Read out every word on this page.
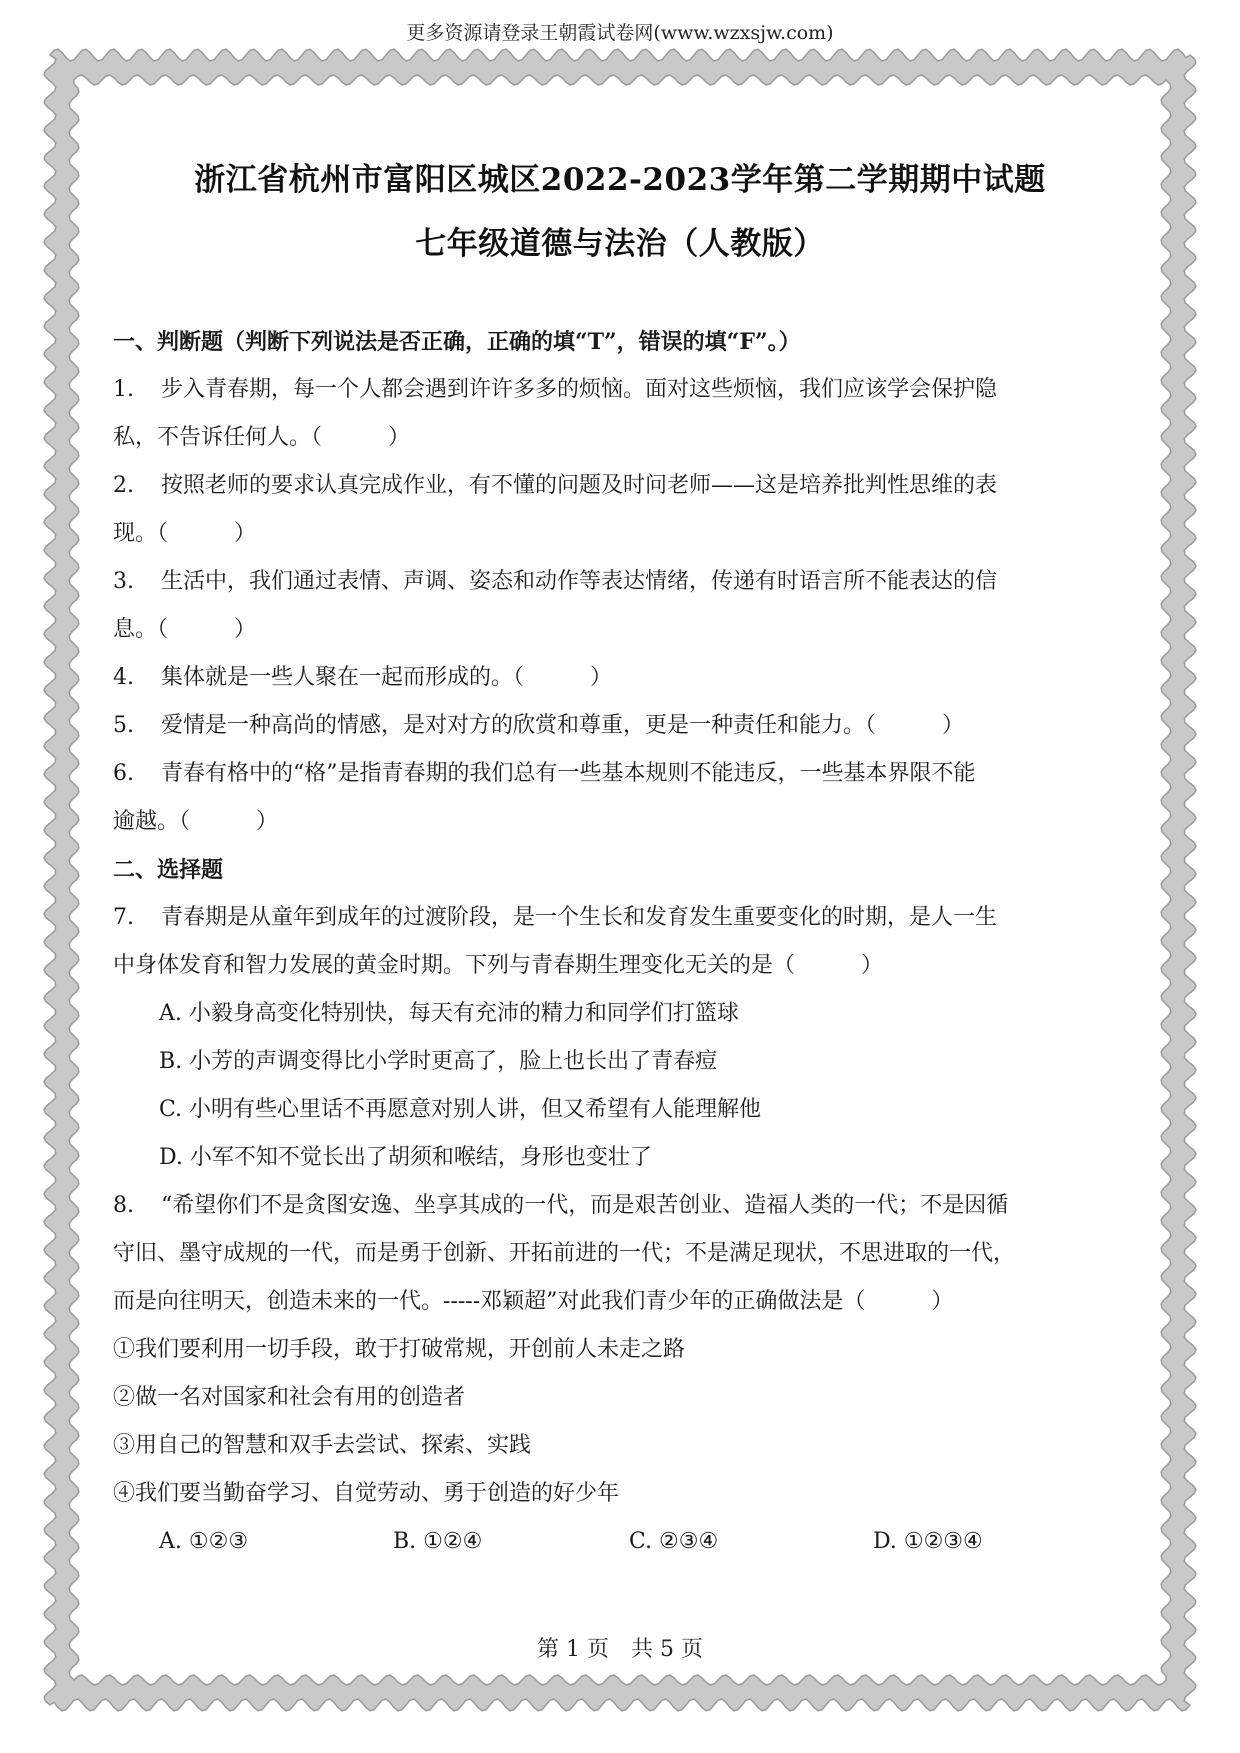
更多资源请登录王朝霞试卷网(www.wzxsjw.com)
浙江省杭州市富阳区城区2022-2023学年第二学期期中试题
七年级道德与法治（人教版）
一、判断题（判断下列说法是否正确，正确的填“T”，错误的填“F”。）
1. 步入青春期，每一个人都会遇到许许多多的烦恼。面对这些烦恼，我们应该学会保护隐
私，不告诉任何人。（　　　）
2. 按照老师的要求认真完成作业，有不懂的问题及时问老师——这是培养批判性思维的表
现。（　　　）
3. 生活中，我们通过表情、声调、姿态和动作等表达情绪，传递有时语言所不能表达的信
息。（　　　）
4. 集体就是一些人聚在一起而形成的。（　　　）
5. 爱情是一种高尚的情感，是对对方的欣赏和尊重，更是一种责任和能力。（　　　）
6. 青春有格中的“格”是指青春期的我们总有一些基本规则不能违反，一些基本界限不能
逾越。（　　　）
二、选择题
7. 青春期是从童年到成年的过渡阶段，是一个生长和发育发生重要变化的时期，是人一生
中身体发育和智力发展的黄金时期。下列与青春期生理变化无关的是（　　　）
A. 小毅身高变化特别快，每天有充沛的精力和同学们打篮球
B. 小芳的声调变得比小学时更高了，脸上也长出了青春痘
C. 小明有些心里话不再愿意对别人讲，但又希望有人能理解他
D. 小军不知不觉长出了胡须和喉结，身形也变壮了
8. “希望你们不是贪图安逸、坐享其成的一代，而是艰苦创业、造福人类的一代；不是因循
守旧、墨守成规的一代，而是勇于创新、开拓前进的一代；不是满足现状，不思进取的一代，
而是向往明天，创造未来的一代。-----邓颖超”对此我们青少年的正确做法是（　　　）
①我们要利用一切手段，敢于打破常规，开创前人未走之路
②做一名对国家和社会有用的创造者
③用自己的智慧和双手去尝试、探索、实践
④我们要当勤奋学习、自觉劳动、勇于创造的好少年
A. ①②③	B. ①②④	C. ②③④	D. ①②③④
第 1 页　共 5 页
